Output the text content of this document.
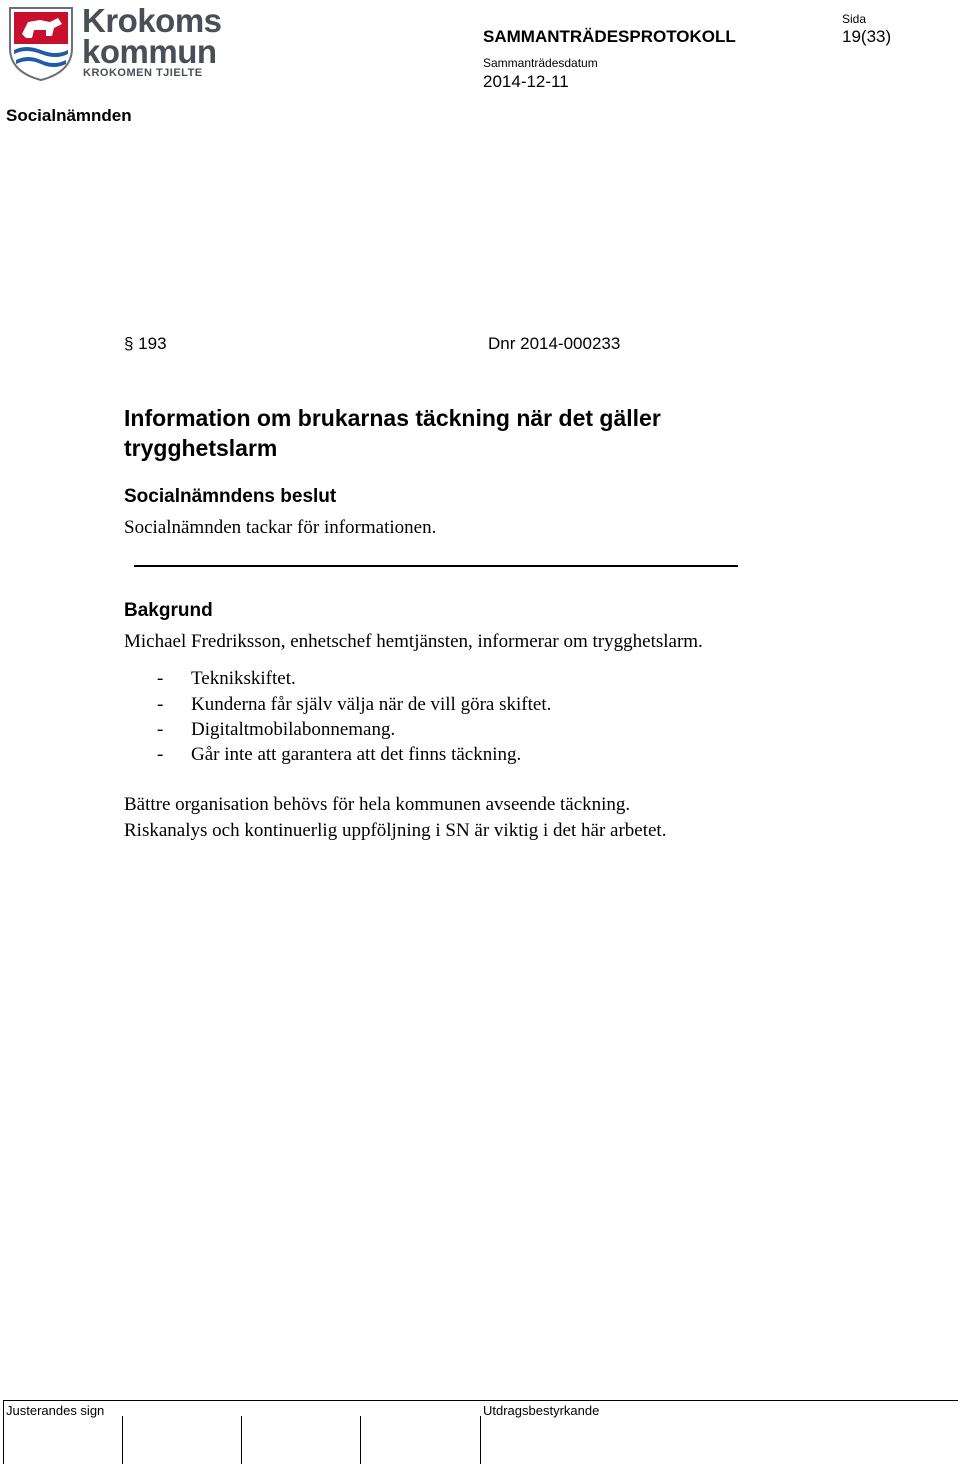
Krokoms
kommun
KROKOMEN TJIELTE
Socialnämnden
SAMMANTRÄDESPROTOKOLL
Sammanträdesdatum
2014-12-11
Sida
19(33)
§ 193	Dnr 2014-000233
Information om brukarnas täckning när det gäller
trygghetslarm
Socialnämndens beslut
Socialnämnden tackar för informationen.
Bakgrund
Michael Fredriksson, enhetschef hemtjänsten, informerar om trygghetslarm.
- Teknikskiftet.
- Kunderna får själv välja när de vill göra skiftet.
- Digitaltmobilabonnemang.
- Går inte att garantera att det finns täckning.
Bättre organisation behövs för hela kommunen avseende täckning.
Riskanalys och kontinuerlig uppföljning i SN är viktig i det här arbetet.
Justerandes sign	Utdragsbestyrkande
